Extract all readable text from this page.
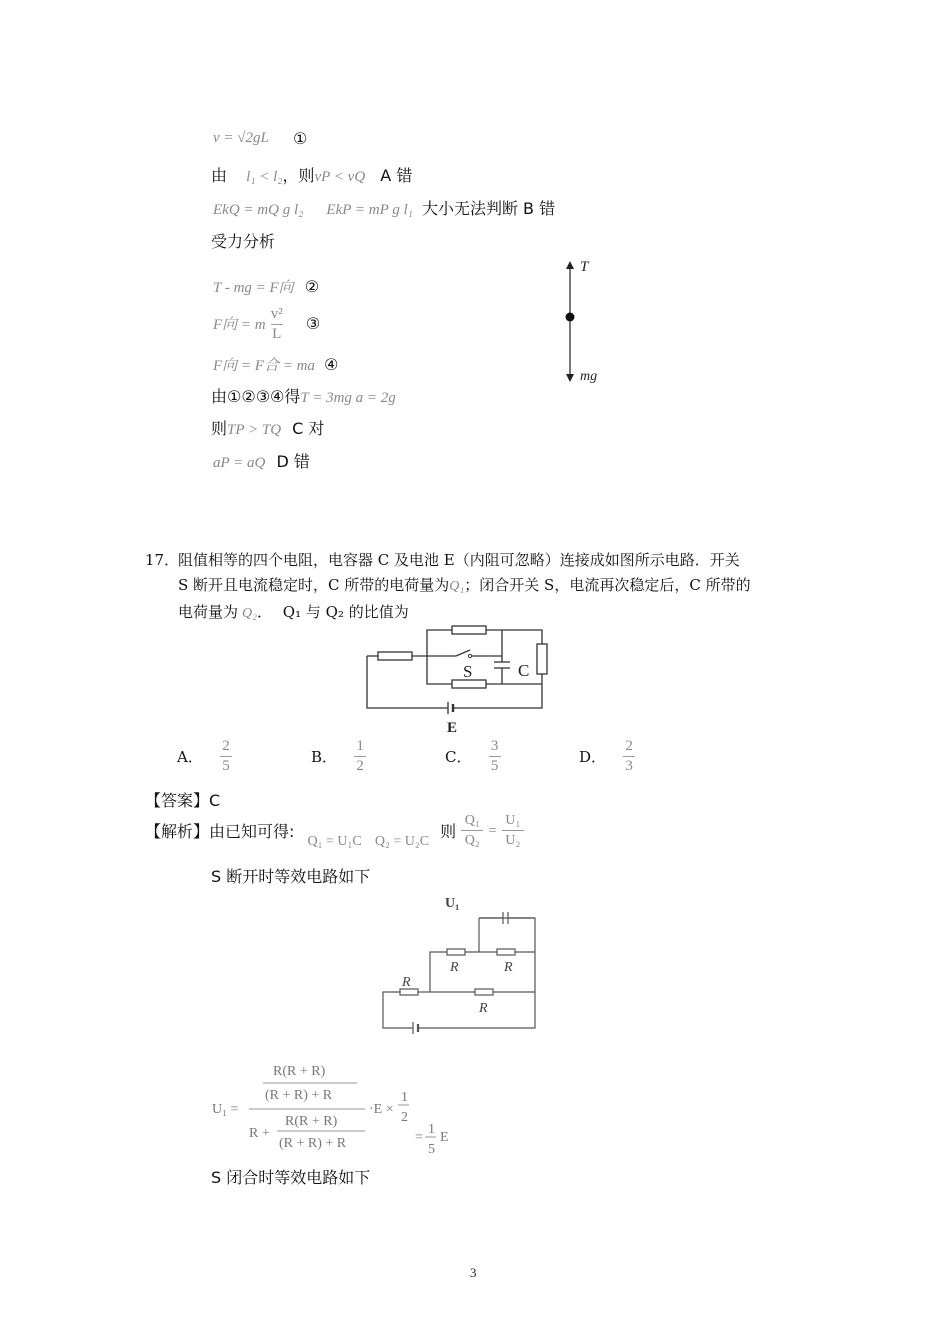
v = √2gL ①
由 l₁ < l₂，则vP < vQ A 错
EkQ = mQ g l₂ EkP = mP g l₁ 大小无法判断 B 错
受力分析
T - mg = F向 ②
F向 = m $\frac{\text{v²}}{L}$ ③
F向 = F合 = ma ④
由①②③④得T = 3mg a = 2g
则TP > TQ C 对
aP = aQ D 错
T
mg
17．
阻值相等的四个电阻，电容器 C 及电池 E（内阻可忽略）连接成如图所示电路．开关
S 断开且电流稳定时，C 所带的电荷量为Q₁；闭合开关 S，电流再次稳定后，C 所带的
电荷量为 Q₂． Q₁ 与 Q₂ 的比值为
S	C
E
A． $\frac{2}{5}$	B． $\frac{1}{2}$	C． $\frac{3}{5}$	D． $\frac{2}{3}$
【答案】C
【解析】由已知可得: Q₁ = U₁C Q₂ = U₂C 则 $\frac{\text{Q₁}}{\text{Q₂}} = \frac{\text{U₁}}{\text{U₂}}$
S 断开时等效电路如下
U₁
R	R
R
R
U₁ =
R(R + R)
(R + R) + R
R +
R(R + R)
(R + R) + R
·E ×
1
2
=
1
5
E
S 闭合时等效电路如下
3
